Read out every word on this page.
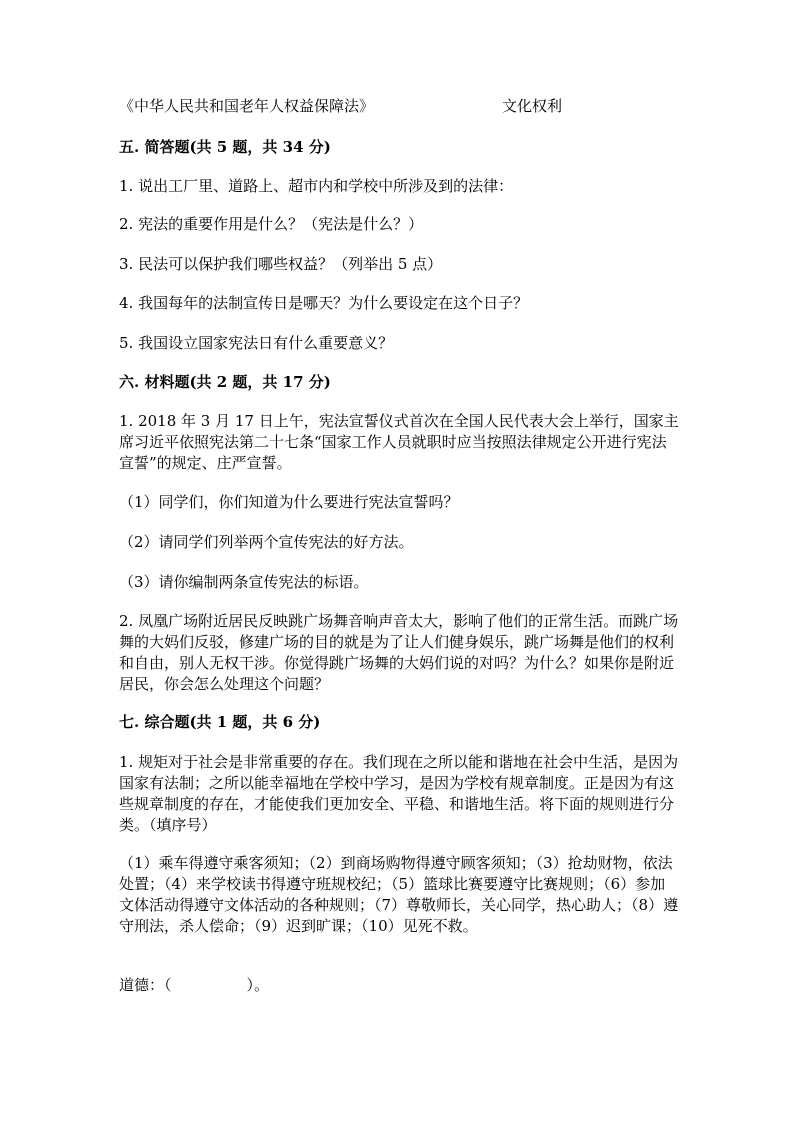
《中华人民共和国老年人权益保障法》	文化权利
五. 简答题(共 5 题，共 34 分)
1. 说出工厂里、道路上、超市内和学校中所涉及到的法律：
2. 宪法的重要作用是什么？（宪法是什么？）
3. 民法可以保护我们哪些权益？（列举出 5 点）
4. 我国每年的法制宣传日是哪天？为什么要设定在这个日子？
5. 我国设立国家宪法日有什么重要意义？
六. 材料题(共 2 题，共 17 分)
1. 2018 年 3 月 17 日上午，宪法宣誓仪式首次在全国人民代表大会上举行，国家主席习近平依照宪法第二十七条“国家工作人员就职时应当按照法律规定公开进行宪法宣誓”的规定、庄严宣誓。
（1）同学们，你们知道为什么要进行宪法宣誓吗？
（2）请同学们列举两个宣传宪法的好方法。
（3）请你编制两条宣传宪法的标语。
2. 凤凰广场附近居民反映跳广场舞音响声音太大，影响了他们的正常生活。而跳广场舞的大妈们反驳，修建广场的目的就是为了让人们健身娱乐，跳广场舞是他们的权利和自由，别人无权干涉。你觉得跳广场舞的大妈们说的对吗？为什么？如果你是附近居民，你会怎么处理这个问题？
七. 综合题(共 1 题，共 6 分)
1. 规矩对于社会是非常重要的存在。我们现在之所以能和谐地在社会中生活，是因为国家有法制；之所以能幸福地在学校中学习，是因为学校有规章制度。正是因为有这些规章制度的存在，才能使我们更加安全、平稳、和谐地生活。将下面的规则进行分类。（填序号）
（1）乘车得遵守乘客须知；（2）到商场购物得遵守顾客须知；（3）抢劫财物，依法处置；（4）来学校读书得遵守班规校纪；（5）篮球比赛要遵守比赛规则；（6）参加文体活动得遵守文体活动的各种规则；（7）尊敬师长，关心同学，热心助人；（8）遵守刑法，杀人偿命；（9）迟到旷课；（10）见死不救。
道德：（　　　　　）。
